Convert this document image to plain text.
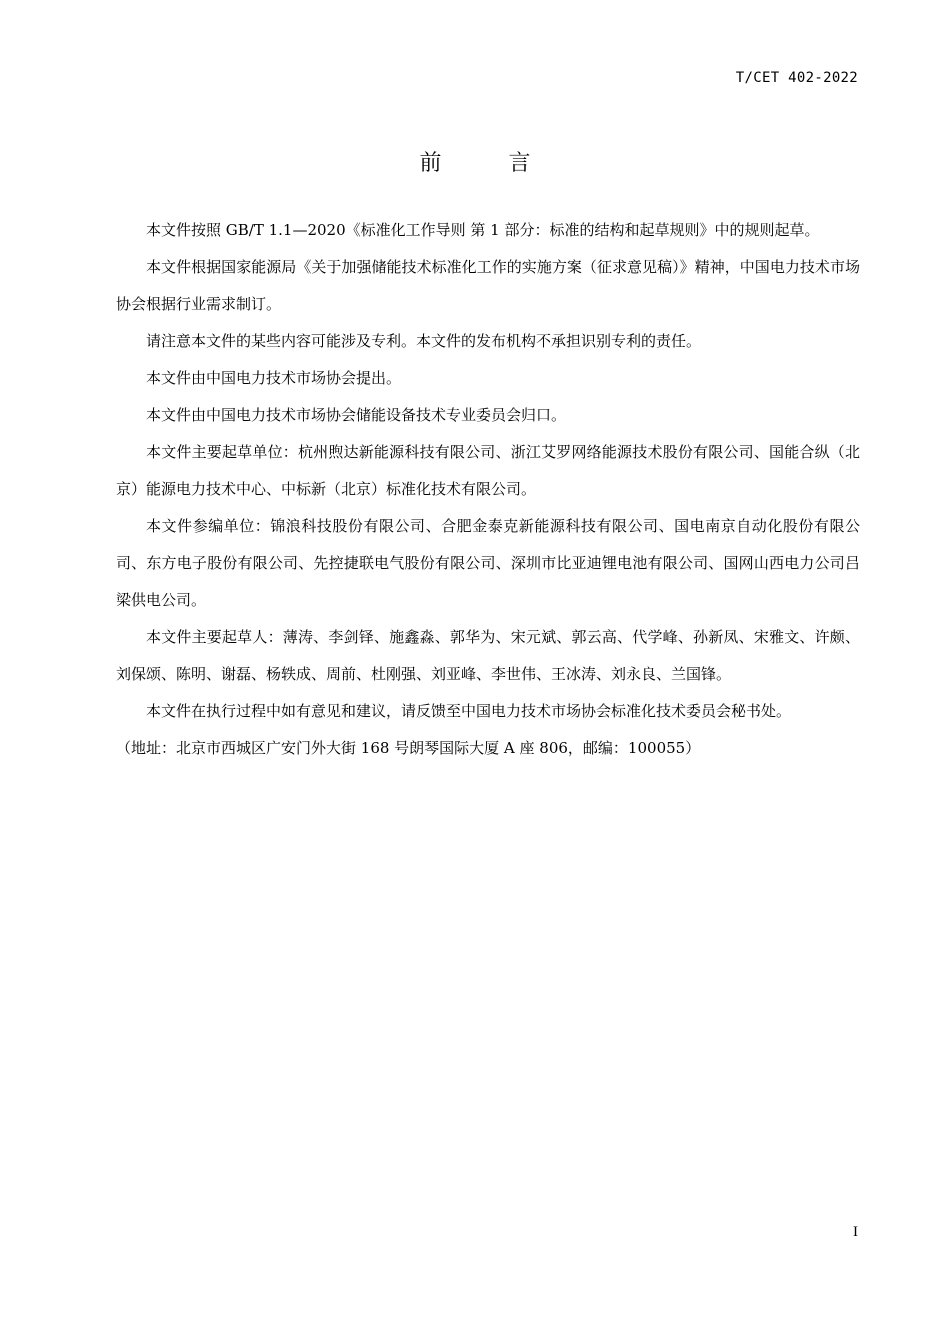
T/CET 402-2022
前 言

本文件按照 GB/T 1.1—2020《标准化工作导则 第 1 部分：标准的结构和起草规则》中的规则起草。

本文件根据国家能源局《关于加强储能技术标准化工作的实施方案（征求意见稿）》精神，中国电力技术市场协会根据行业需求制订。

请注意本文件的某些内容可能涉及专利。本文件的发布机构不承担识别专利的责任。

本文件由中国电力技术市场协会提出。

本文件由中国电力技术市场协会储能设备技术专业委员会归口。

本文件主要起草单位：杭州煦达新能源科技有限公司、浙江艾罗网络能源技术股份有限公司、国能合纵（北京）能源电力技术中心、中标新（北京）标准化技术有限公司。

本文件参编单位：锦浪科技股份有限公司、合肥金泰克新能源科技有限公司、国电南京自动化股份有限公司、东方电子股份有限公司、先控捷联电气股份有限公司、深圳市比亚迪锂电池有限公司、国网山西电力公司吕梁供电公司。

本文件主要起草人：薄涛、李剑铎、施鑫淼、郭华为、宋元斌、郭云高、代学峰、孙新凤、宋雅文、许颇、刘保颂、陈明、谢磊、杨轶成、周前、杜刚强、刘亚峰、李世伟、王冰涛、刘永良、兰国锋。

本文件在执行过程中如有意见和建议，请反馈至中国电力技术市场协会标准化技术委员会秘书处。

（地址：北京市西城区广安门外大街 168 号朗琴国际大厦 A 座 806，邮编：100055）

I
